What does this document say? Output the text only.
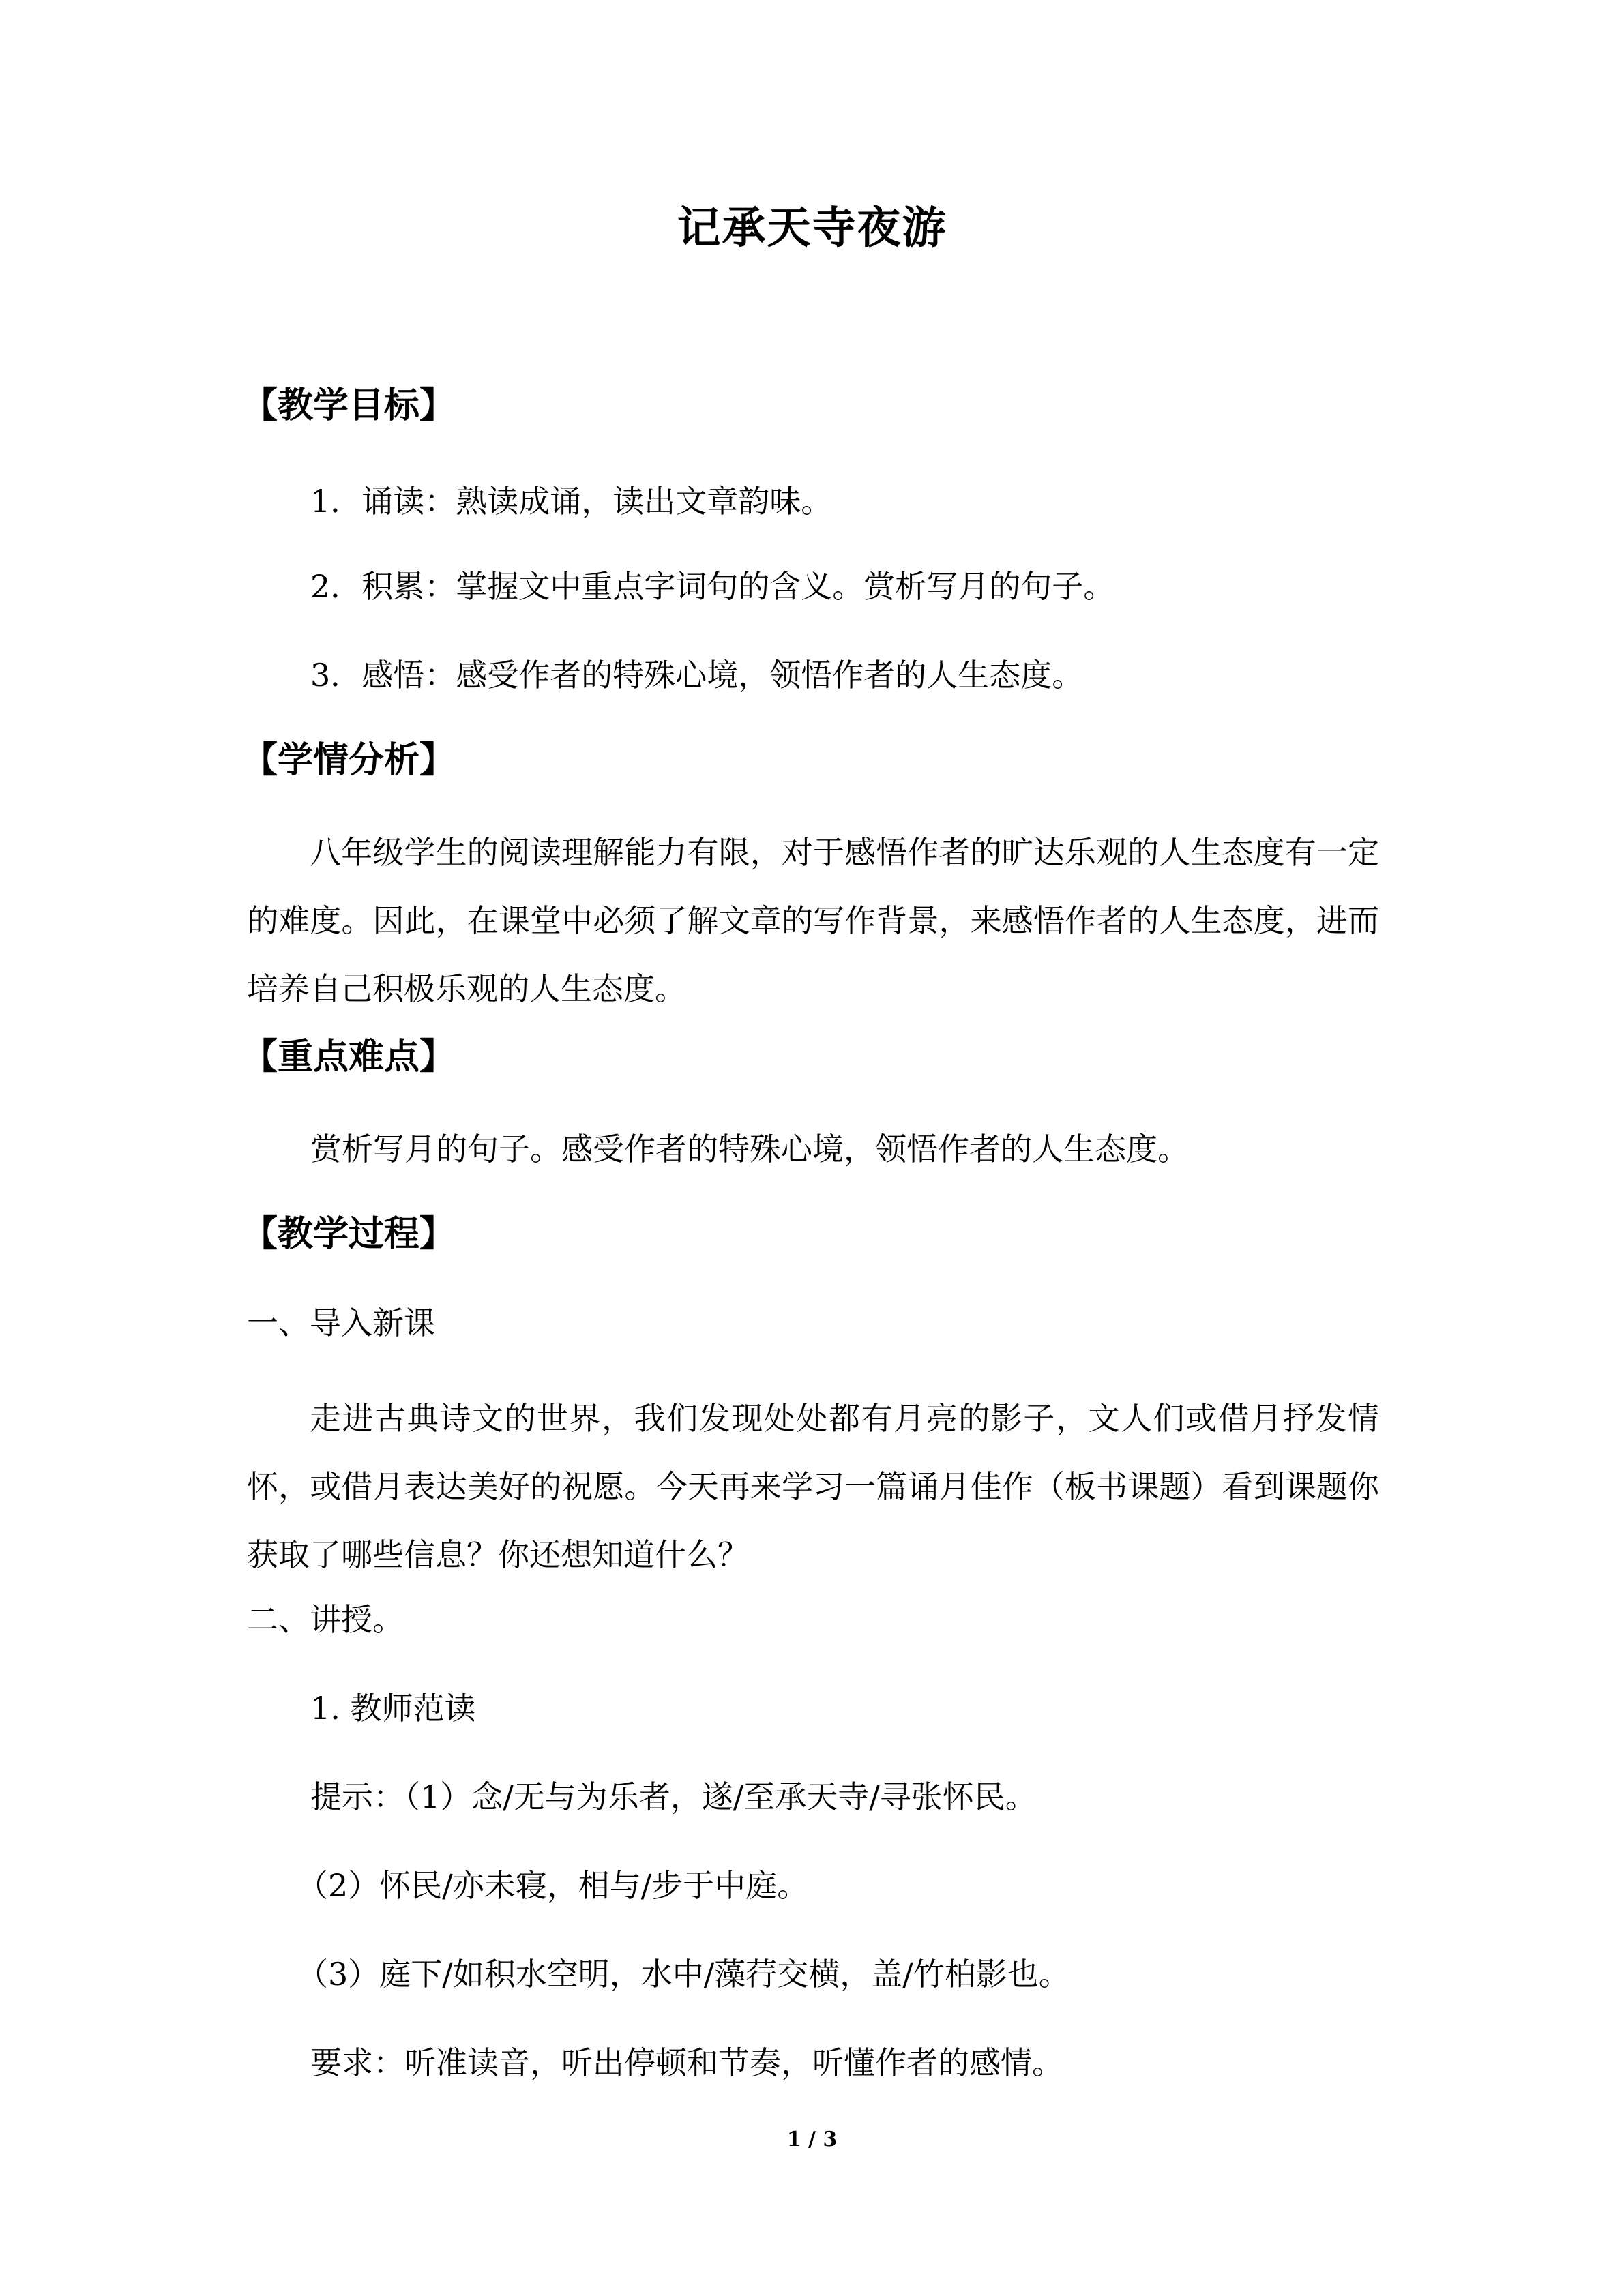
记承天寺夜游
【教学目标】
1．诵读：熟读成诵，读出文章韵味。
2．积累：掌握文中重点字词句的含义。赏析写月的句子。
3．感悟：感受作者的特殊心境，领悟作者的人生态度。
【学情分析】
八年级学生的阅读理解能力有限，对于感悟作者的旷达乐观的人生态度有一定的难度。因此，在课堂中必须了解文章的写作背景，来感悟作者的人生态度，进而培养自己积极乐观的人生态度。
【重点难点】
赏析写月的句子。感受作者的特殊心境，领悟作者的人生态度。
【教学过程】
一、导入新课
走进古典诗文的世界，我们发现处处都有月亮的影子，文人们或借月抒发情怀，或借月表达美好的祝愿。今天再来学习一篇诵月佳作（板书课题）看到课题你获取了哪些信息？你还想知道什么？
二、讲授。
1. 教师范读
提示：（1）念/无与为乐者，遂/至承天寺/寻张怀民。
（2）怀民/亦未寝，相与/步于中庭。
（3）庭下/如积水空明，水中/藻荇交横，盖/竹柏影也。
要求：听准读音，听出停顿和节奏，听懂作者的感情。
1 / 3
